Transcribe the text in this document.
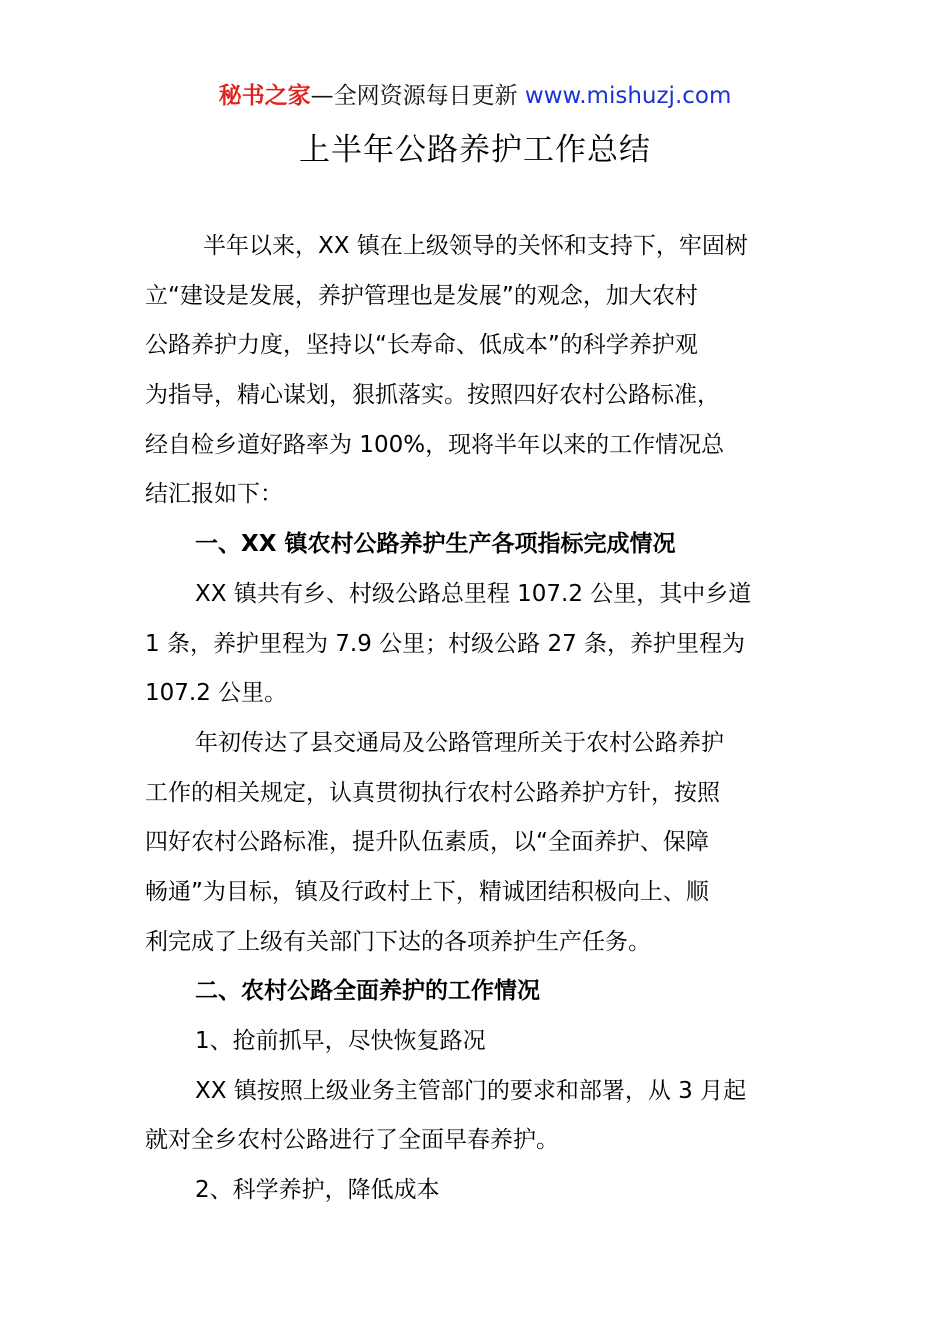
秘书之家—全网资源每日更新 www.mishuzj.com
上半年公路养护工作总结
半年以来，XX 镇在上级领导的关怀和支持下，牢固树
立“建设是发展，养护管理也是发展”的观念，加大农村
公路养护力度，坚持以“长寿命、低成本”的科学养护观
为指导，精心谋划，狠抓落实。按照四好农村公路标准，
经自检乡道好路率为 100%，现将半年以来的工作情况总
结汇报如下：
一、XX 镇农村公路养护生产各项指标完成情况
XX 镇共有乡、村级公路总里程 107.2 公里，其中乡道
1 条，养护里程为 7.9 公里；村级公路 27 条，养护里程为
107.2 公里。
年初传达了县交通局及公路管理所关于农村公路养护
工作的相关规定，认真贯彻执行农村公路养护方针，按照
四好农村公路标准，提升队伍素质，以“全面养护、保障
畅通”为目标，镇及行政村上下，精诚团结积极向上、顺
利完成了上级有关部门下达的各项养护生产任务。
二、农村公路全面养护的工作情况
1、抢前抓早，尽快恢复路况
XX 镇按照上级业务主管部门的要求和部署，从 3 月起
就对全乡农村公路进行了全面早春养护。
2、科学养护，降低成本
